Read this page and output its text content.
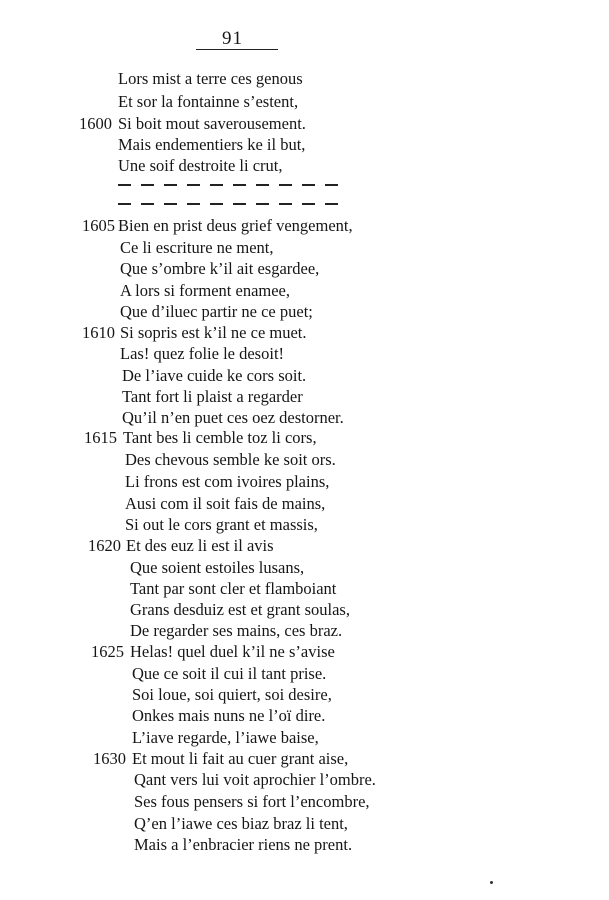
91
Lors mist a terre ces genous
Et sor la fontainne s’estent,
1600 Si boit mout saverousement.
Mais endementiers ke il but,
Une soif destroite li crut,
1605 Bien en prist deus grief vengement,
Ce li escriture ne ment,
Que s’ombre k’il ait esgardee,
A lors si forment enamee,
Que d’iluec partir ne ce puet;
1610 Si sopris est k’il ne ce muet.
Las! quez folie le desoit!
De l’iave cuide ke cors soit.
Tant fort li plaist a regarder
Qu’il n’en puet ces oez destorner.
1615 Tant bes li cemble toz li cors,
Des chevous semble ke soit ors.
Li frons est com ivoires plains,
Ausi com il soit fais de mains,
Si out le cors grant et massis,
1620 Et des euz li est il avis
Que soient estoiles lusans,
Tant par sont cler et flamboiant
Grans desduiz est et grant soulas,
De regarder ses mains, ces braz.
1625 Helas! quel duel k’il ne s’avise
Que ce soit il cui il tant prise.
Soi loue, soi quiert, soi desire,
Onkes mais nuns ne l’oï dire.
L’iave regarde, l’iawe baise,
1630 Et mout li fait au cuer grant aise,
Qant vers lui voit aprochier l’ombre.
Ses fous pensers si fort l’encombre,
Q’en l’iawe ces biaz braz li tent,
Mais a l’enbracier riens ne prent.
